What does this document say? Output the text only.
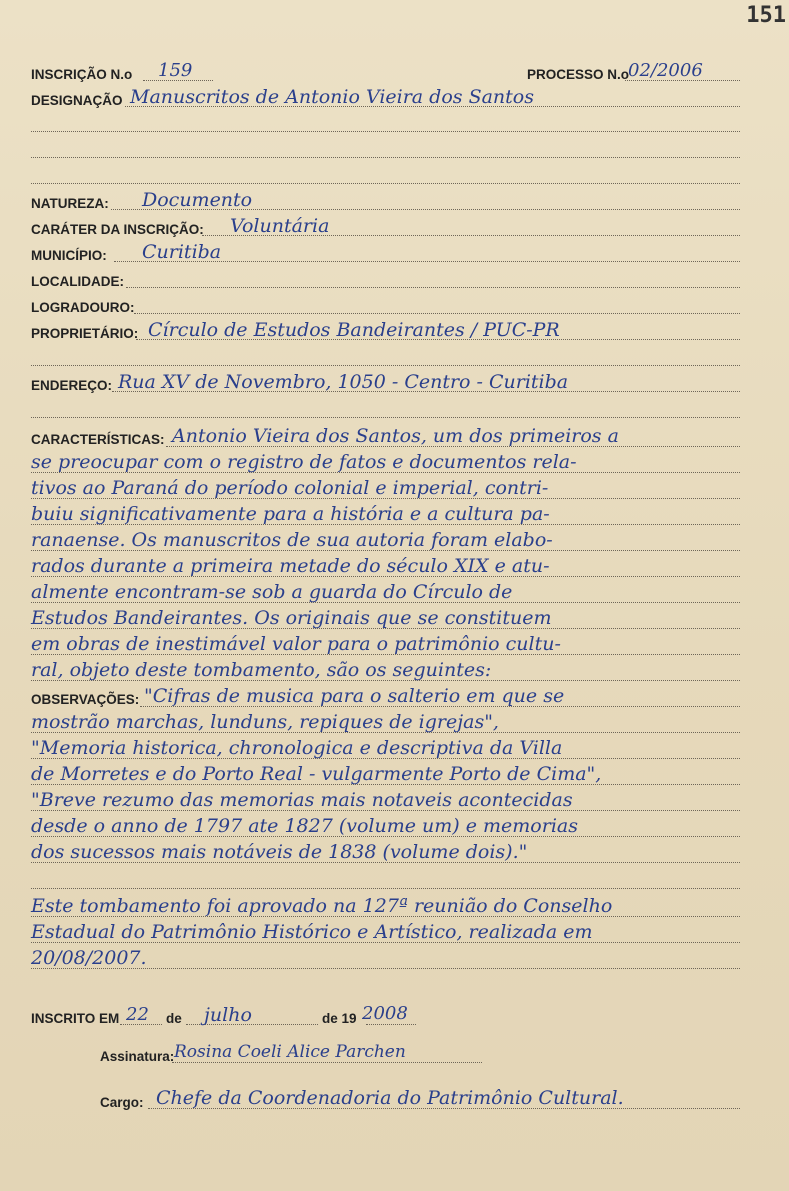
151
INSCRIÇÃO N.o 159	PROCESSO N.o
02/2006
DESIGNAÇÃO Manuscritos de Antonio Vieira dos Santos
NATUREZA: Documento
CARÁTER DA INSCRIÇÃO: Voluntária
MUNICÍPIO: Curitiba
LOCALIDADE:
LOGRADOURO:
PROPRIETÁRIO: Círculo de Estudos Bandeirantes / PUC-PR
ENDEREÇO: Rua XV de Novembro, 1050 - Centro - Curitiba
CARACTERÍSTICAS: Antonio Vieira dos Santos, um dos primeiros a
se preocupar com o registro de fatos e documentos rela-
tivos ao Paraná do período colonial e imperial, contri-
buiu significativamente para a história e a cultura pa-
ranaense. Os manuscritos de sua autoria foram elabo-
rados durante a primeira metade do século XIX e atu-
almente encontram-se sob a guarda do Círculo de
Estudos Bandeirantes. Os originais que se constituem
em obras de inestimável valor para o patrimônio cultu-
ral, objeto deste tombamento, são os seguintes:
OBSERVAÇÕES: "Cifras de musica para o salterio em que se
mostrão marchas, lunduns, repiques de igrejas",
"Memoria historica, chronologica e descriptiva da Villa
de Morretes e do Porto Real - vulgarmente Porto de Cima",
"Breve rezumo das memorias mais notaveis acontecidas
desde o anno de 1797 ate 1827 (volume um) e memorias
dos sucessos mais notáveis de 1838 (volume dois)."
Este tombamento foi aprovado na 127ª reunião do Conselho
Estadual do Patrimônio Histórico e Artístico, realizada em
20/08/2007.
INSCRITO EM 22 de julho	de 19 2008
Assinatura: Rosina Coeli Alice Parchen
Cargo: Chefe da Coordenadoria do Patrimônio Cultural.
